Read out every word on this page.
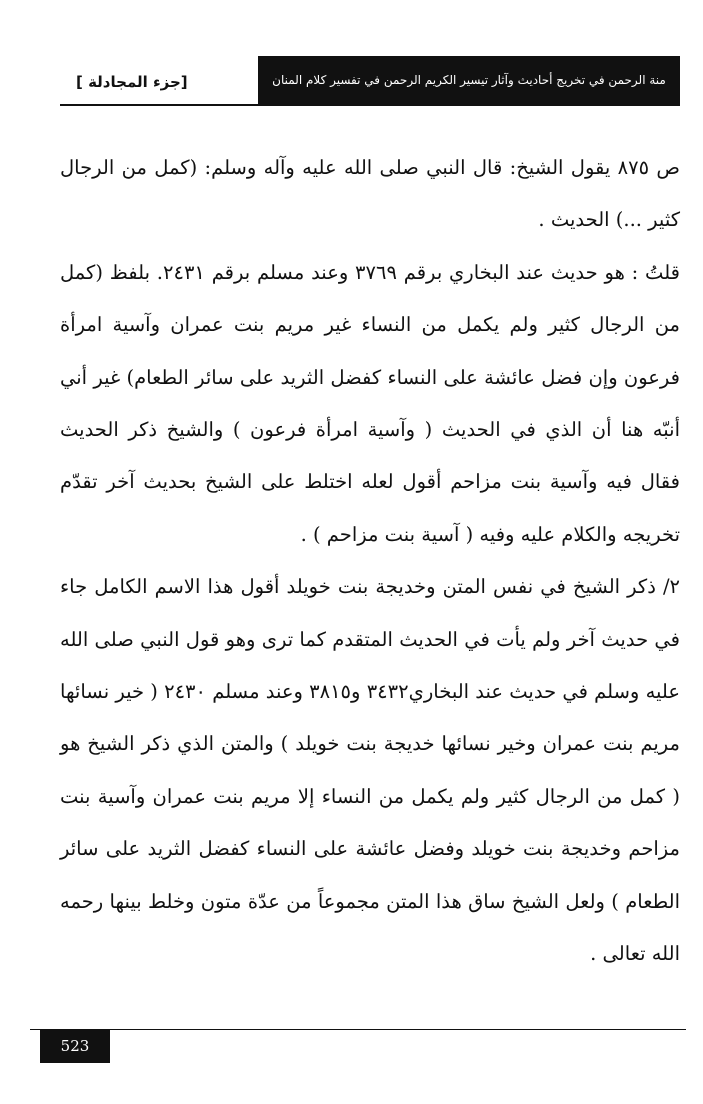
منة الرحمن في تخريج أحاديث وآثار تيسير الكريم الرحمن في تفسير كلام المنان
[جزء المجادلة ]

ص ٨٧٥ يقول الشيخ: قال النبي صلى الله عليه وآله وسلم: (كمل من الرجال كثير ...) الحديث .

قلتُ : هو حديث عند البخاري برقم ٣٧٦٩ وعند مسلم برقم ٢٤٣١. بلفظ (كمل من الرجال كثير ولم يكمل من النساء غير مريم بنت عمران وآسية امرأة فرعون وإن فضل عائشة على النساء كفضل الثريد على سائر الطعام) غير أني أنبّه هنا أن الذي في الحديث ( وآسية امرأة فرعون ) والشيخ ذكر الحديث فقال فيه وآسية بنت مزاحم أقول لعله اختلط على الشيخ بحديث آخر تقدّم تخريجه والكلام عليه وفيه ( آسية بنت مزاحم ) .

٢/ ذكر الشيخ في نفس المتن وخديجة بنت خويلد أقول هذا الاسم الكامل جاء في حديث آخر ولم يأت في الحديث المتقدم كما ترى وهو قول النبي صلى الله عليه وسلم في حديث عند البخاري٣٤٣٢ و٣٨١٥ وعند مسلم ٢٤٣٠ ( خير نسائها مريم بنت عمران وخير نسائها خديجة بنت خويلد ) والمتن الذي ذكر الشيخ هو ( كمل من الرجال كثير ولم يكمل من النساء إلا مريم بنت عمران وآسية بنت مزاحم وخديجة بنت خويلد وفضل عائشة على النساء كفضل الثريد على سائر الطعام ) ولعل الشيخ ساق هذا المتن مجموعاً من عدّة متون وخلط بينها رحمه الله تعالى .

523
